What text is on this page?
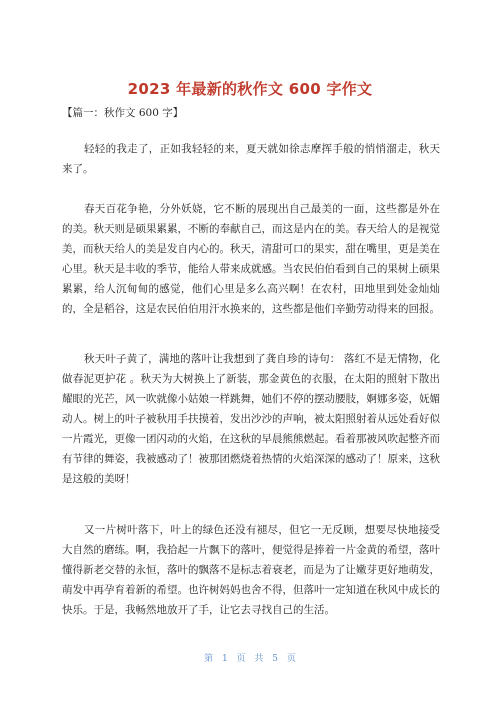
2023 年最新的秋作文 600 字作文
【篇一：秋作文 600 字】

轻轻的我走了，正如我轻轻的来，夏天就如徐志摩挥手般的悄悄溜走，秋天来了。

春天百花争艳，分外妖娆，它不断的展现出自己最美的一面，这些都是外在的美。秋天则是硕果累累，不断的奉献自己，而这是内在的美。春天给人的是视觉美，而秋天给人的美是发自内心的。秋天，清甜可口的果实，甜在嘴里，更是美在心里。秋天是丰收的季节，能给人带来成就感。当农民伯伯看到自己的果树上硕果累累，给人沉甸甸的感觉，他们心里是多么高兴啊！在农村，田地里到处金灿灿的，全是稻谷，这是农民伯伯用汗水换来的，这些都是他们辛勤劳动得来的回报。

秋天叶子黄了，满地的落叶让我想到了龚自珍的诗句： 落红不是无情物，化做春泥更护花 。秋天为大树换上了新装，那金黄色的衣服，在太阳的照射下散出耀眼的光芒，风一吹就像小姑娘一样跳舞，她们不停的摆动腰肢，婀娜多姿，妩媚动人。树上的叶子被秋用手扶摸着，发出沙沙的声响，被太阳照射着从远处看好似一片霞光，更像一团闪动的火焰，在这秋的早晨熊熊燃起。看着那被风吹起整齐而有节律的舞姿，我被感动了！被那团燃烧着热情的火焰深深的感动了！原来，这秋是这般的美呀！

又一片树叶落下，叶上的绿色还没有褪尽，但它一无反顾，想要尽快地接受大自然的磨练。啊，我拾起一片飘下的落叶，便觉得是捧着一片金黄的希望，落叶懂得新老交替的永恒，落叶的飘落不是标志着衰老，而是为了让嫩芽更好地萌发，萌发中再孕育着新的希望。也许树妈妈也舍不得，但落叶一定知道在秋风中成长的快乐。于是，我畅然地放开了手，让它去寻找自己的生活。

第 1 页 共 5 页
